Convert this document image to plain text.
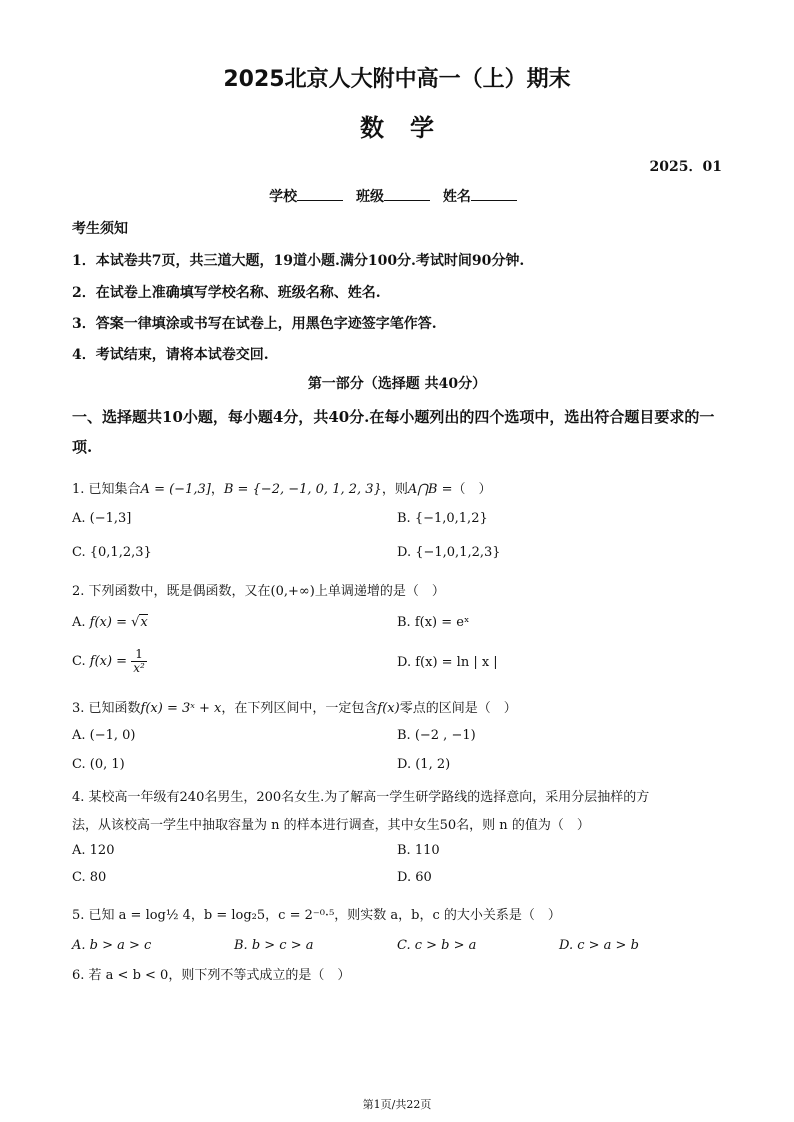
2025北京人大附中高一（上）期末
数学
2025．01
学校	班级	姓名
考生须知
1．本试卷共7页，共三道大题，19道小题.满分100分.考试时间90分钟.
2．在试卷上准确填写学校名称、班级名称、姓名.
3．答案一律填涂或书写在试卷上，用黑色字迹签字笔作答.
4．考试结束，请将本试卷交回.
第一部分（选择题 共40分）
一、选择题共10小题，每小题4分，共40分.在每小题列出的四个选项中，选出符合题目要求的一项.
1. 已知集合A = (−1,3]，B = {−2, −1, 0, 1, 2, 3}，则A⋂B =（　）
A. (−1,3]	B. {−1,0,1,2}
C. {0,1,2,3}	D. {−1,0,1,2,3}
2. 下列函数中，既是偶函数，又在(0,+∞)上单调递增的是（　）
A. f(x) = √x	B. f(x) = eˣ
C. $f(x) = \frac{1}{\text{x²}}$	D. f(x) = ln | x |
3. 已知函数f(x) = 3ˣ + x，在下列区间中，一定包含f(x)零点的区间是（　）
A. (−1, 0)	B. (−2 , −1)
C. (0, 1)	D. (1, 2)
4. 某校高一年级有240名男生，200名女生.为了解高一学生研学路线的选择意向，采用分层抽样的方
法，从该校高一学生中抽取容量为 n 的样本进行调查，其中女生50名，则 n 的值为（　）
A. 120	B. 110
C. 80	D. 60
5. 已知 a = log½ 4，b = log₂5，c = 2⁻⁰·⁵，则实数 a，b，c 的大小关系是（　）
A. b > a > c	B. b > c > a	C. c > b > a	D. c > a > b
6. 若 a < b < 0，则下列不等式成立的是（　）
第1页/共22页
